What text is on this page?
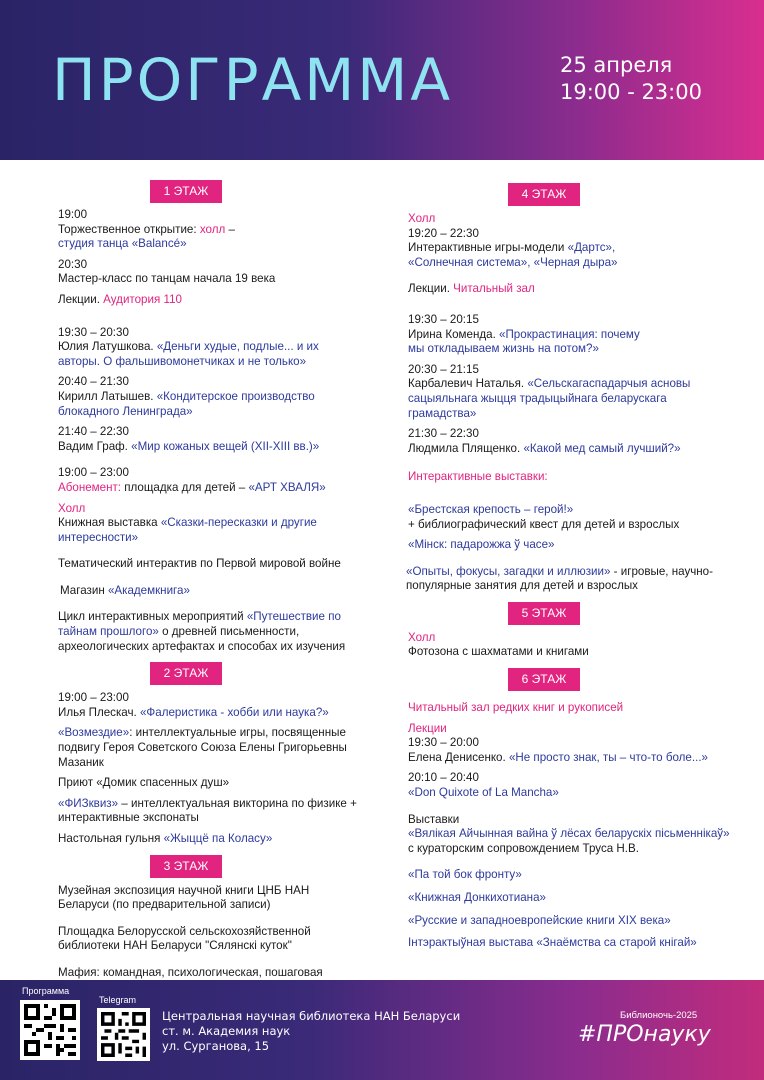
ПРОГРАММА	25 апреля
19:00 - 23:00
1 ЭТАЖ
19:00
Торжественное открытие: холл –
студия танца «Balancé»
20:30
Мастер-класс по танцам начала 19 века
Лекции. Аудитория 110
19:30 – 20:30
Юлия Латушкова. «Деньги худые, подлые... и их авторы. О фальшивомонетчиках и не только»
20:40 – 21:30
Кирилл Латышев. «Кондитерское производство блокадного Ленинграда»
21:40 – 22:30
Вадим Граф. «Мир кожаных вещей (XII-XIII вв.)»
19:00 – 23:00
Абонемент: площадка для детей – «АРТ ХВАЛЯ»
Холл
Книжная выставка «Сказки-пересказки и другие интересности»
Тематический интерактив по Первой мировой войне
Магазин «Академкнига»
Цикл интерактивных мероприятий «Путешествие по тайнам прошлого» о древней письменности, археологических артефактах и способах их изучения
2 ЭТАЖ
19:00 – 23:00
Илья Плескач. «Фалеристика - хобби или наука?»
«Возмездие»: интеллектуальные игры, посвященные подвигу Героя Советского Союза Елены Григорьевны Мазаник
Приют «Домик спасенных душ»
«ФИЗквиз» – интеллектуальная викторина по физике + интерактивные экспонаты
Настольная гульня «Жыццё па Коласу»
3 ЭТАЖ
Музейная экспозиция научной книги ЦНБ НАН Беларуси (по предварительной записи)
Площадка Белорусской сельскохозяйственной библиотеки НАН Беларуси "Сялянскі куток"
Мафия: командная, психологическая, пошаговая
4 ЭТАЖ
Холл
19:20 – 22:30
Интерактивные игры-модели «Дартс», «Солнечная система», «Черная дыра»
Лекции. Читальный зал
19:30 – 20:15
Ирина Коменда. «Прокрастинация: почему мы откладываем жизнь на потом?»
20:30 – 21:15
Карбалевич Наталья. «Сельскагаспадарчыя асновы сацыяльнага жыцця традыцыйнага беларускага грамадства»
21:30 – 22:30
Людмила Плященко. «Какой мед самый лучший?»
Интерактивные выставки:
«Брестская крепость – герой!»
+ библиографический квест для детей и взрослых
«Мінск: падарожжа ў часе»
«Опыты, фокусы, загадки и иллюзии» - игровые, научно-популярные занятия для детей и взрослых
5 ЭТАЖ
Холл
Фотозона с шахматами и книгами
6 ЭТАЖ
Читальный зал редких книг и рукописей
Лекции
19:30 – 20:00
Елена Денисенко. «Не просто знак, ты – что-то боле...»
20:10 – 20:40
«Don Quixote of La Mancha»
Выставки
«Вялікая Айчынная вайна ў лёсах беларускіх пісьменнікаў» с кураторским сопровождением Труса Н.В.
«Па той бок фронту»
«Книжная Донкихотиана»
«Русские и западноевропейские книги XIX века»
Інтэрактыўная выстава «Знаёмства са старой кнігай»
Программа
Telegram
Центральная научная библиотека НАН Беларуси
ст. м. Академия наук
ул. Сурганова, 15
Библионочь-2025
#ПРОнауку
